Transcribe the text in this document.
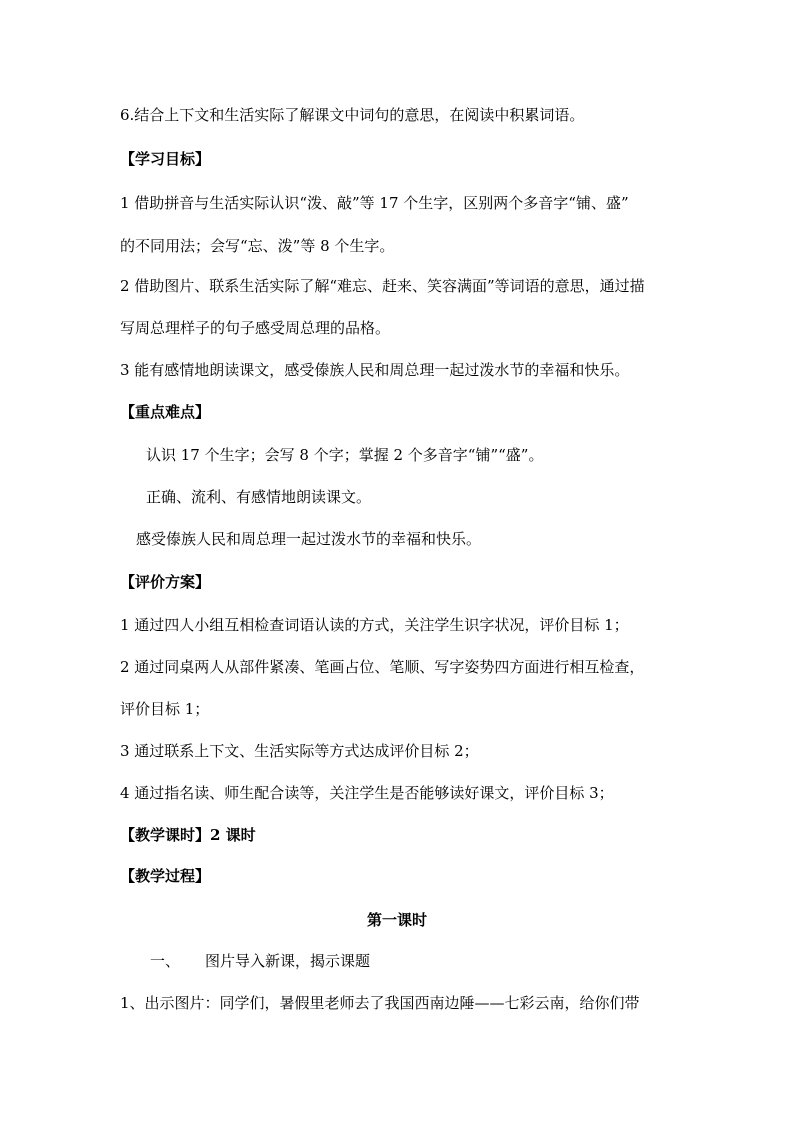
6.结合上下文和生活实际了解课文中词句的意思，在阅读中积累词语。
【学习目标】
1 借助拼音与生活实际认识“泼、敲”等 17 个生字，区别两个多音字“铺、盛”
的不同用法；会写“忘、泼”等 8 个生字。
2 借助图片、联系生活实际了解“难忘、赶来、笑容满面”等词语的意思，通过描
写周总理样子的句子感受周总理的品格。
3 能有感情地朗读课文，感受傣族人民和周总理一起过泼水节的幸福和快乐。
【重点难点】
认识 17 个生字；会写 8 个字；掌握 2 个多音字“铺”“盛”。
正确、流利、有感情地朗读课文。
感受傣族人民和周总理一起过泼水节的幸福和快乐。
【评价方案】
1 通过四人小组互相检查词语认读的方式，关注学生识字状况，评价目标 1；
2 通过同桌两人从部件紧凑、笔画占位、笔顺、写字姿势四方面进行相互检查，
评价目标 1；
3 通过联系上下文、生活实际等方式达成评价目标 2；
4 通过指名读、师生配合读等，关注学生是否能够读好课文，评价目标 3；
【教学课时】2 课时
【教学过程】
第一课时
一、 图片导入新课，揭示课题
1、出示图片：同学们，暑假里老师去了我国西南边陲——七彩云南，给你们带
